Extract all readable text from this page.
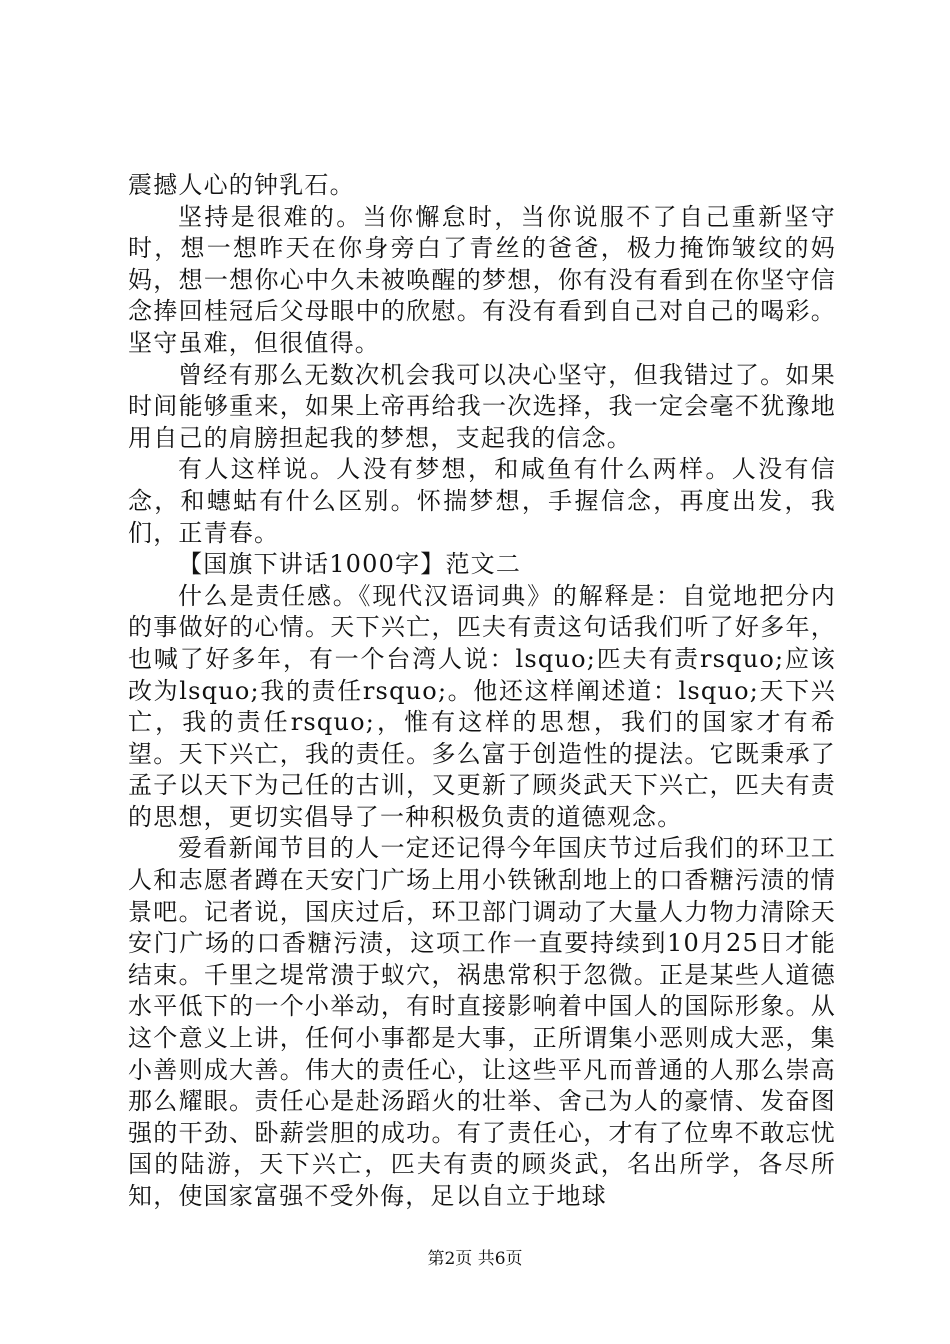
震撼人心的钟乳石。

坚持是很难的。当你懈怠时，当你说服不了自己重新坚守时，想一想昨天在你身旁白了青丝的爸爸，极力掩饰皱纹的妈妈，想一想你心中久未被唤醒的梦想，你有没有看到在你坚守信念捧回桂冠后父母眼中的欣慰。有没有看到自己对自己的喝彩。坚守虽难，但很值得。

曾经有那么无数次机会我可以决心坚守，但我错过了。如果时间能够重来，如果上帝再给我一次选择，我一定会毫不犹豫地用自己的肩膀担起我的梦想，支起我的信念。

有人这样说。人没有梦想，和咸鱼有什么两样。人没有信念，和蟪蛄有什么区别。怀揣梦想，手握信念，再度出发，我们，正青春。

【国旗下讲话1000字】范文二

什么是责任感。《现代汉语词典》的解释是：自觉地把分内的事做好的心情。天下兴亡，匹夫有责这句话我们听了好多年，也喊了好多年，有一个台湾人说：lsquo;匹夫有责rsquo;应该改为lsquo;我的责任rsquo;。他还这样阐述道：lsquo;天下兴亡，我的责任rsquo;，惟有这样的思想，我们的国家才有希望。天下兴亡，我的责任。多么富于创造性的提法。它既秉承了孟子以天下为己任的古训，又更新了顾炎武天下兴亡，匹夫有责的思想，更切实倡导了一种积极负责的道德观念。

爱看新闻节目的人一定还记得今年国庆节过后我们的环卫工人和志愿者蹲在天安门广场上用小铁锹刮地上的口香糖污渍的情景吧。记者说，国庆过后，环卫部门调动了大量人力物力清除天安门广场的口香糖污渍，这项工作一直要持续到10月25日才能结束。千里之堤常溃于蚁穴，祸患常积于忽微。正是某些人道德水平低下的一个小举动，有时直接影响着中国人的国际形象。从这个意义上讲，任何小事都是大事，正所谓集小恶则成大恶，集小善则成大善。伟大的责任心，让这些平凡而普通的人那么崇高那么耀眼。责任心是赴汤蹈火的壮举、舍己为人的豪情、发奋图强的干劲、卧薪尝胆的成功。有了责任心，才有了位卑不敢忘忧国的陆游，天下兴亡，匹夫有责的顾炎武，名出所学，各尽所知，使国家富强不受外侮，足以自立于地球

第2页 共6页
